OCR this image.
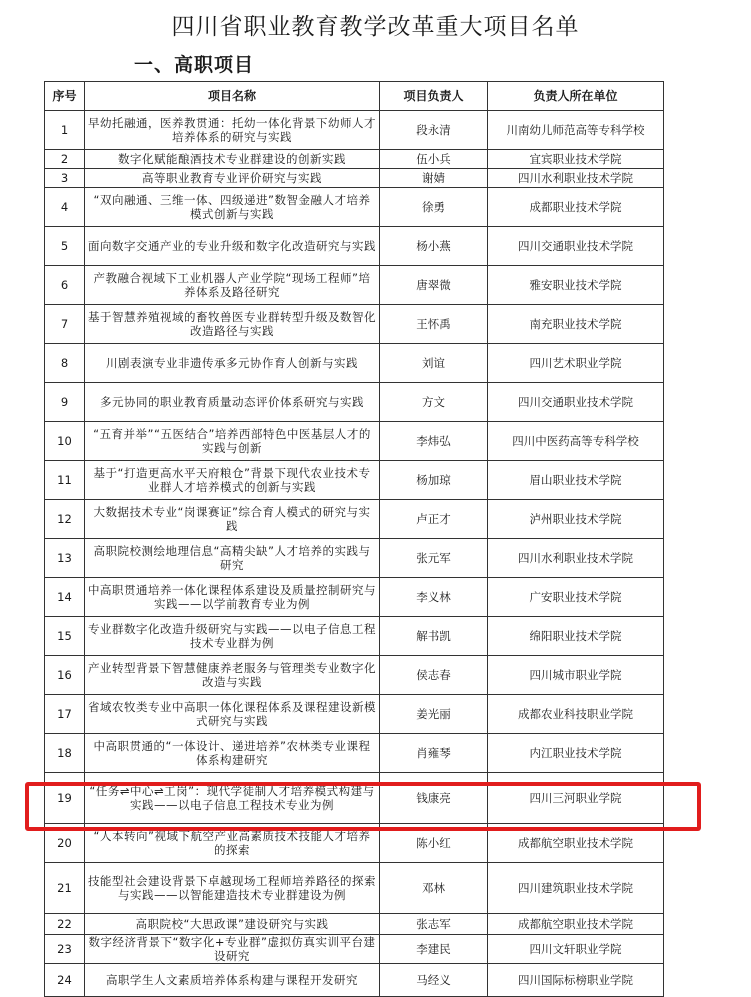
四川省职业教育教学改革重大项目名单
一、高职项目
序号	项目名称	项目负责人	负责人所在单位
1	早幼托融通，医养教贯通：托幼一体化背景下幼师人才培养体系的研究与实践	段永清	川南幼儿师范高等专科学校
2	数字化赋能酿酒技术专业群建设的创新实践	伍小兵	宜宾职业技术学院
3	高等职业教育专业评价研究与实践	谢婧	四川水利职业技术学院
4	“双向融通、三维一体、四级递进”数智金融人才培养模式创新与实践	徐勇	成都职业技术学院
5	面向数字交通产业的专业升级和数字化改造研究与实践	杨小燕	四川交通职业技术学院
6	产教融合视域下工业机器人产业学院“现场工程师”培养体系及路径研究	唐翠微	雅安职业技术学院
7	基于智慧养殖视域的畜牧兽医专业群转型升级及数智化改造路径与实践	王怀禹	南充职业技术学院
8	川剧表演专业非遗传承多元协作育人创新与实践	刘谊	四川艺术职业学院
9	多元协同的职业教育质量动态评价体系研究与实践	方文	四川交通职业技术学院
10	“五育并举”“五医结合”培养西部特色中医基层人才的实践与创新	李炜弘	四川中医药高等专科学校
11	基于“打造更高水平天府粮仓”背景下现代农业技术专业群人才培养模式的创新与实践	杨加琼	眉山职业技术学院
12	大数据技术专业“岗课赛证”综合育人模式的研究与实践	卢正才	泸州职业技术学院
13	高职院校测绘地理信息“高精尖缺”人才培养的实践与研究	张元军	四川水利职业技术学院
14	中高职贯通培养一体化课程体系建设及质量控制研究与实践——以学前教育专业为例	李义林	广安职业技术学院
15	专业群数字化改造升级研究与实践——以电子信息工程技术专业群为例	解书凯	绵阳职业技术学院
16	产业转型背景下智慧健康养老服务与管理类专业数字化改造与实践	侯志春	四川城市职业学院
17	省域农牧类专业中高职一体化课程体系及课程建设新模式研究与实践	姜光丽	成都农业科技职业学院
18	中高职贯通的“一体设计、递进培养”农林类专业课程体系构建研究	肖雍琴	内江职业技术学院
19	“任务⇌中心⇌工岗”：现代学徒制人才培养模式构建与实践——以电子信息工程技术专业为例	钱康亮	四川三河职业学院
20	“人本转向”视域下航空产业高素质技术技能人才培养的探索	陈小红	成都航空职业技术学院
21	技能型社会建设背景下卓越现场工程师培养路径的探索与实践——以智能建造技术专业群建设为例	邓林	四川建筑职业技术学院
22	高职院校“大思政课”建设研究与实践	张志军	成都航空职业技术学院
23	数字经济背景下“数字化+专业群”虚拟仿真实训平台建设研究	李建民	四川文轩职业学院
24	高职学生人文素质培养体系构建与课程开发研究	马经义	四川国际标榜职业学院
